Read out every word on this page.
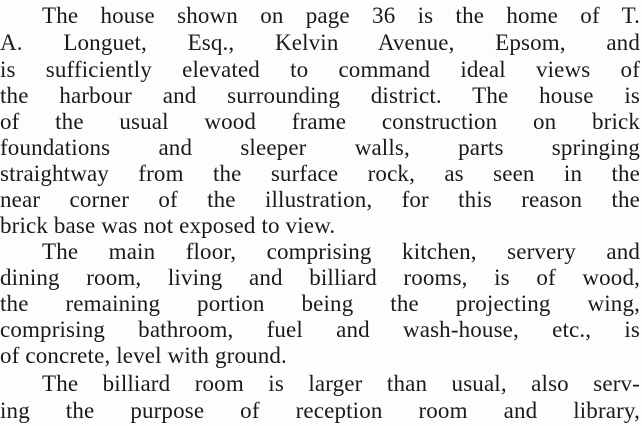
The house shown on page 36 is the home of T.
A. Longuet, Esq., Kelvin Avenue, Epsom, and
is sufficiently elevated to command ideal views of
the harbour and surrounding district. The house is
of the usual wood frame construction on brick
foundations and sleeper walls, parts springing
straightway from the surface rock, as seen in the
near corner of the illustration, for this reason the
brick base was not exposed to view.
The main floor, comprising kitchen, servery and
dining room, living and billiard rooms, is of wood,
the remaining portion being the projecting wing,
comprising bathroom, fuel and wash-house, etc., is
of concrete, level with ground.
The billiard room is larger than usual, also serv-
ing the purpose of reception room and library,
